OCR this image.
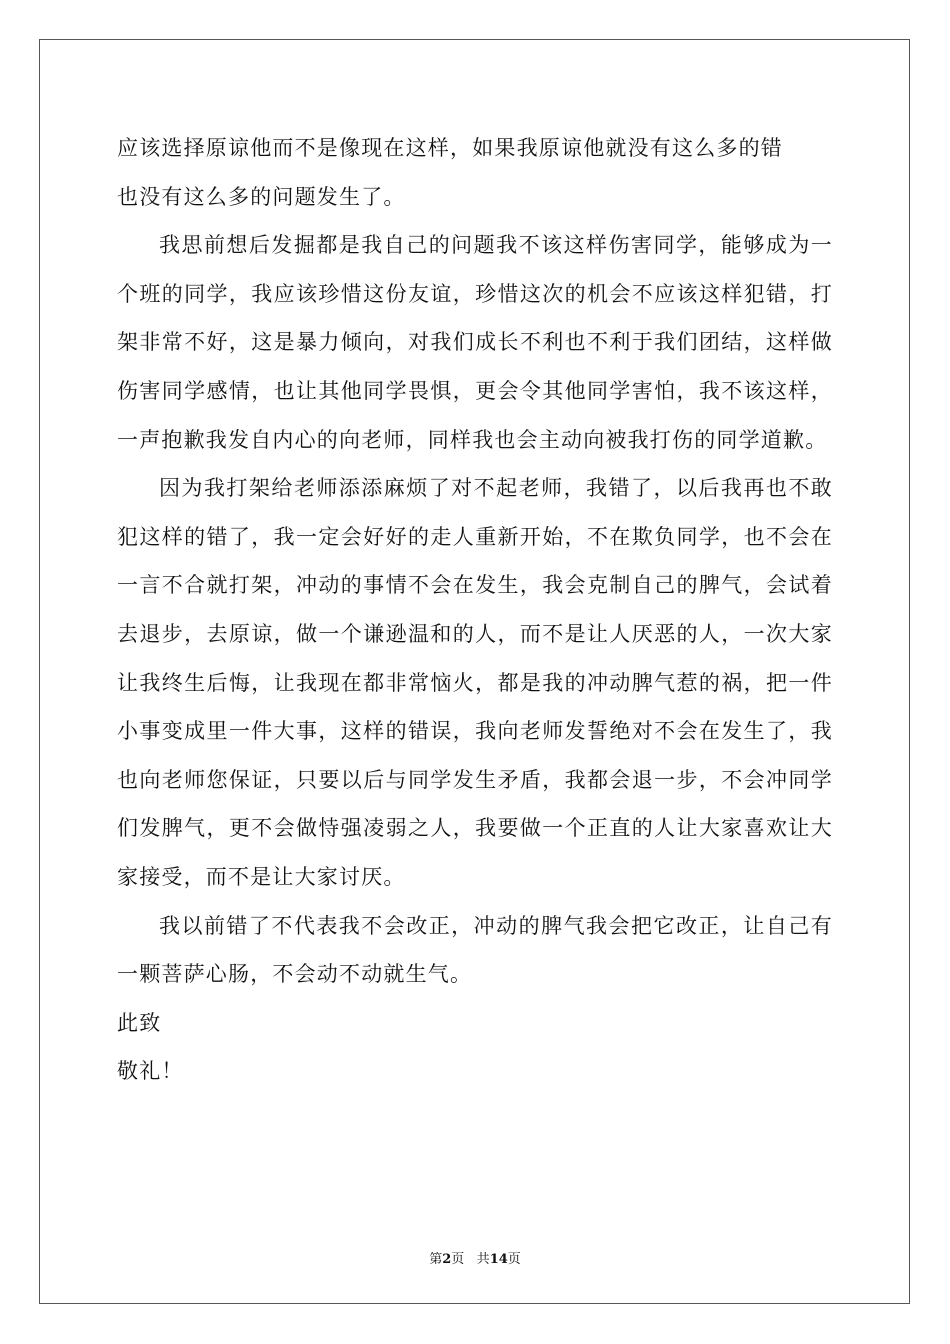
应该选择原谅他而不是像现在这样，如果我原谅他就没有这么多的错

也没有这么多的问题发生了。

我思前想后发掘都是我自己的问题我不该这样伤害同学，能够成为一个班的同学，我应该珍惜这份友谊，珍惜这次的机会不应该这样犯错，打架非常不好，这是暴力倾向，对我们成长不利也不利于我们团结，这样做伤害同学感情，也让其他同学畏惧，更会令其他同学害怕，我不该这样，一声抱歉我发自内心的向老师，同样我也会主动向被我打伤的同学道歉。

因为我打架给老师添添麻烦了对不起老师，我错了，以后我再也不敢犯这样的错了，我一定会好好的走人重新开始，不在欺负同学，也不会在一言不合就打架，冲动的事情不会在发生，我会克制自己的脾气，会试着去退步，去原谅，做一个谦逊温和的人，而不是让人厌恶的人，一次大家让我终生后悔，让我现在都非常恼火，都是我的冲动脾气惹的祸，把一件小事变成里一件大事，这样的错误，我向老师发誓绝对不会在发生了，我也向老师您保证，只要以后与同学发生矛盾，我都会退一步，不会冲同学们发脾气，更不会做恃强凌弱之人，我要做一个正直的人让大家喜欢让大家接受，而不是让大家讨厌。

我以前错了不代表我不会改正，冲动的脾气我会把它改正，让自己有一颗菩萨心肠，不会动不动就生气。

此致

敬礼！

第2页 共14页
